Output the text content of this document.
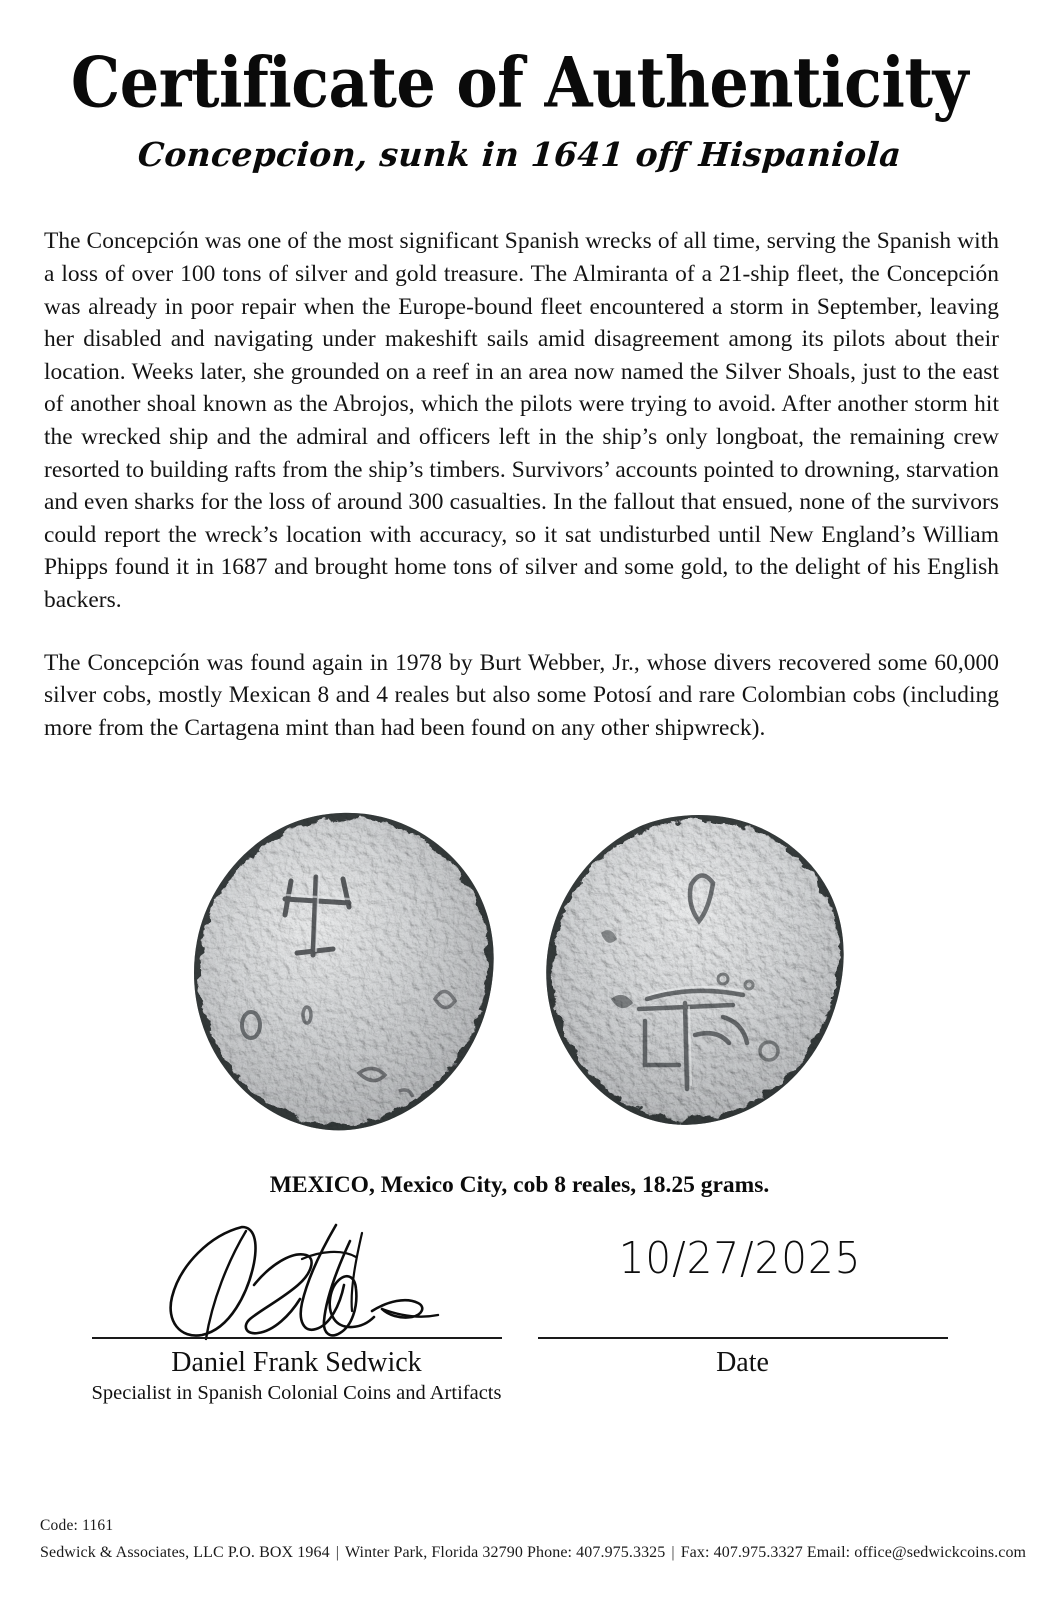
Certificate of Authenticity
Concepcion, sunk in 1641 off Hispaniola

The Concepción was one of the most significant Spanish wrecks of all time, serving the Spanish with a loss of over 100 tons of silver and gold treasure. The Almiranta of a 21-ship fleet, the Concepción was already in poor repair when the Europe-bound fleet encountered a storm in September, leaving her disabled and navigating under makeshift sails amid disagreement among its pilots about their location. Weeks later, she grounded on a reef in an area now named the Silver Shoals, just to the east of another shoal known as the Abrojos, which the pilots were trying to avoid. After another storm hit the wrecked ship and the admiral and officers left in the ship’s only longboat, the remaining crew resorted to building rafts from the ship’s timbers. Survivors’ accounts pointed to drowning, starvation and even sharks for the loss of around 300 casualties. In the fallout that ensued, none of the survivors could report the wreck’s location with accuracy, so it sat undisturbed until New England’s William Phipps found it in 1687 and brought home tons of silver and some gold, to the delight of his English backers.

The Concepción was found again in 1978 by Burt Webber, Jr., whose divers recovered some 60,000 silver cobs, mostly Mexican 8 and 4 reales but also some Potosí and rare Colombian cobs (including more from the Cartagena mint than had been found on any other shipwreck).

MEXICO, Mexico City, cob 8 reales, 18.25 grams.
10/27/2025
Daniel Frank Sedwick
Specialist in Spanish Colonial Coins and Artifacts
Date
Code: 1161
Sedwick & Associates, LLC P.O. BOX 1964 | Winter Park, Florida 32790 Phone: 407.975.3325 | Fax: 407.975.3327 Email: office@sedwickcoins.com
